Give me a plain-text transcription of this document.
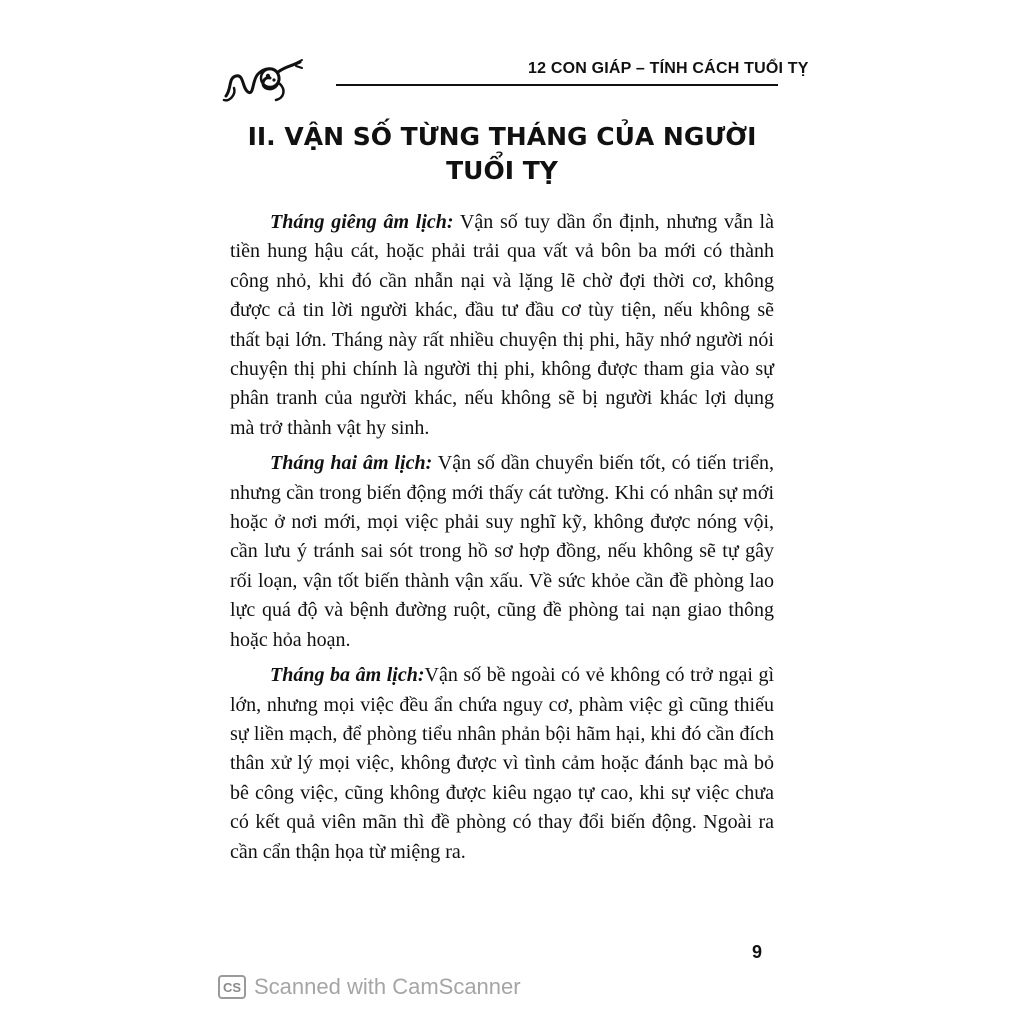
12 CON GIÁP – TÍNH CÁCH TUỔI TỴ
II. VẬN SỐ TỪNG THÁNG CỦA NGƯỜI
TUỔI TỴ

Tháng giêng âm lịch: Vận số tuy dần ổn định, nhưng vẫn là tiền hung hậu cát, hoặc phải trải qua vất vả bôn ba mới có thành công nhỏ, khi đó cần nhẫn nại và lặng lẽ chờ đợi thời cơ, không được cả tin lời người khác, đầu tư đầu cơ tùy tiện, nếu không sẽ thất bại lớn. Tháng này rất nhiều chuyện thị phi, hãy nhớ người nói chuyện thị phi chính là người thị phi, không được tham gia vào sự phân tranh của người khác, nếu không sẽ bị người khác lợi dụng mà trở thành vật hy sinh.

Tháng hai âm lịch: Vận số dần chuyển biến tốt, có tiến triển, nhưng cần trong biến động mới thấy cát tường. Khi có nhân sự mới hoặc ở nơi mới, mọi việc phải suy nghĩ kỹ, không được nóng vội, cần lưu ý tránh sai sót trong hồ sơ hợp đồng, nếu không sẽ tự gây rối loạn, vận tốt biến thành vận xấu. Về sức khỏe cần đề phòng lao lực quá độ và bệnh đường ruột, cũng đề phòng tai nạn giao thông hoặc hỏa hoạn.

Tháng ba âm lịch:Vận số bề ngoài có vẻ không có trở ngại gì lớn, nhưng mọi việc đều ẩn chứa nguy cơ, phàm việc gì cũng thiếu sự liền mạch, để phòng tiểu nhân phản bội hãm hại, khi đó cần đích thân xử lý mọi việc, không được vì tình cảm hoặc đánh bạc mà bỏ bê công việc, cũng không được kiêu ngạo tự cao, khi sự việc chưa có kết quả viên mãn thì đề phòng có thay đổi biến động. Ngoài ra cần cẩn thận họa từ miệng ra.

9
CS Scanned with CamScanner
